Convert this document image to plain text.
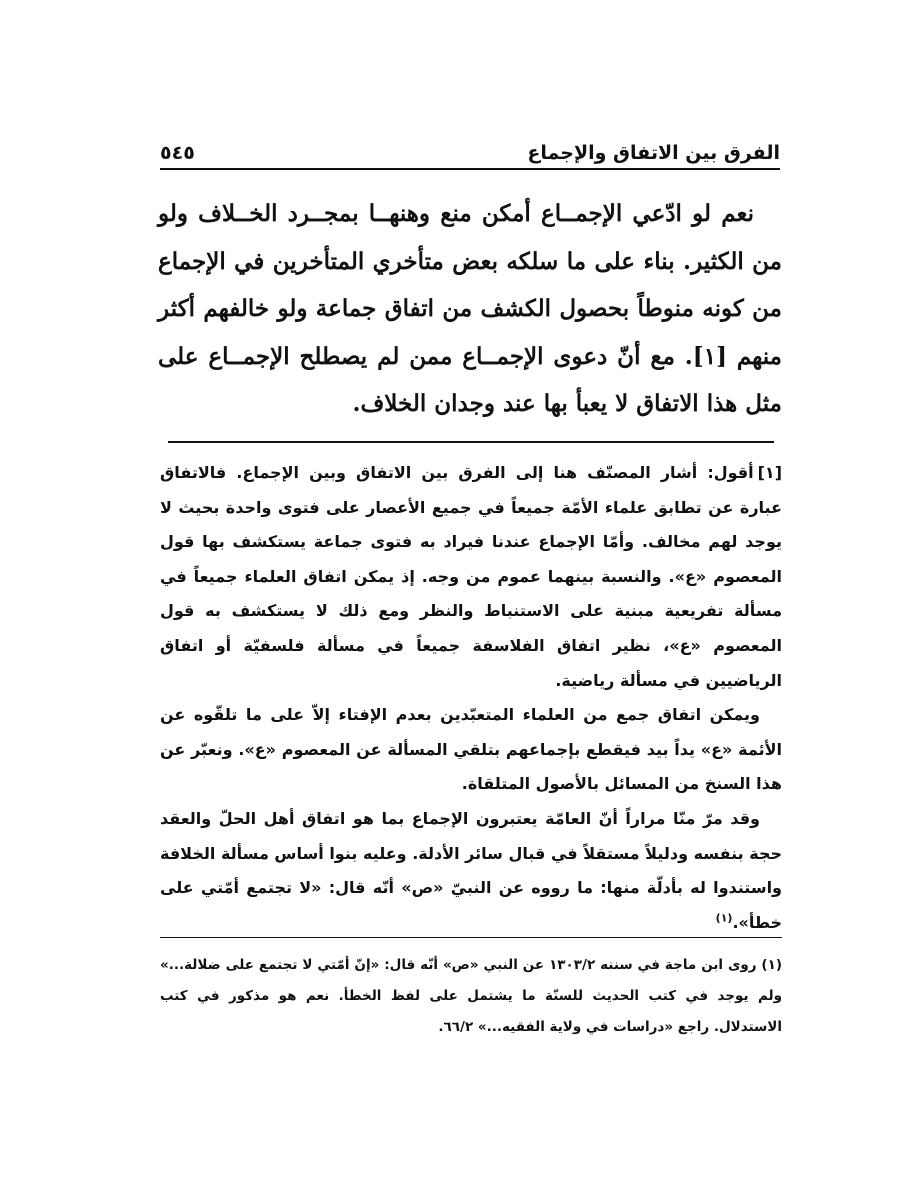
الفرق بين الاتفاق والإجماع
٥٤٥

نعم لو ادّعي الإجمــاع أمكن منع وهنهــا بمجــرد الخــلاف ولو من الكثير. بناء على ما سلكه بعض متأخري المتأخرين في الإجماع من كونه منوطاً بحصول الكشف من اتفاق جماعة ولو خالفهم أكثر منهم [١]. مع أنّ دعوى الإجمــاع ممن لم يصطلح الإجمــاع على مثل هذا الاتفاق لا يعبأ بها عند وجدان الخلاف.

[١]أقول: أشار المصنّف هنا إلى الفرق بين الاتفاق وبين الإجماع. فالاتفاق عبارة عن تطابق علماء الأمّة جميعاً في جميع الأعصار على فتوى واحدة بحيث لا يوجد لهم مخالف. وأمّا الإجماع عندنا فيراد به فتوى جماعة يستكشف بها قول المعصوم «ع». والنسبة بينهما عموم من وجه. إذ يمكن اتفاق العلماء جميعاً في مسألة تفريعية مبنية على الاستنباط والنظر ومع ذلك لا يستكشف به قول المعصوم «ع»، نظير اتفاق الفلاسفة جميعاً في مسألة فلسفيّة أو اتفاق الرياضيين في مسألة رياضية.

ويمكن اتفاق جمع من العلماء المتعبّدين بعدم الإفتاء إلاّ على ما تلقّوه عن الأئمة «ع» يداً بيد فيقطع بإجماعهم بتلقي المسألة عن المعصوم «ع». ونعبّر عن هذا السنخ من المسائل بالأصول المتلقاة.

وقد مرّ منّا مراراً أنّ العامّة يعتبرون الإجماع بما هو اتفاق أهل الحلّ والعقد حجة بنفسه ودليلاً مستقلاً في قبال سائر الأدلة. وعليه بنوا أساس مسألة الخلافة واستندوا له بأدلّة منها: ما رووه عن النبيّ «ص» أنّه قال: «لا تجتمع أمّتي على خطأ».$^{(١)}$

(١) روى ابن ماجة في سننه ١٣٠٣/٢ عن النبي «ص» أنّه قال: «إنّ أمّتي لا تجتمع على ضلالة...» ولم يوجد في كتب الحديث للسنّة ما يشتمل على لفظ الخطأ. نعم هو مذكور في كتب الاستدلال. راجع «دراسات في ولاية الفقيه...» ٦٦/٢.
